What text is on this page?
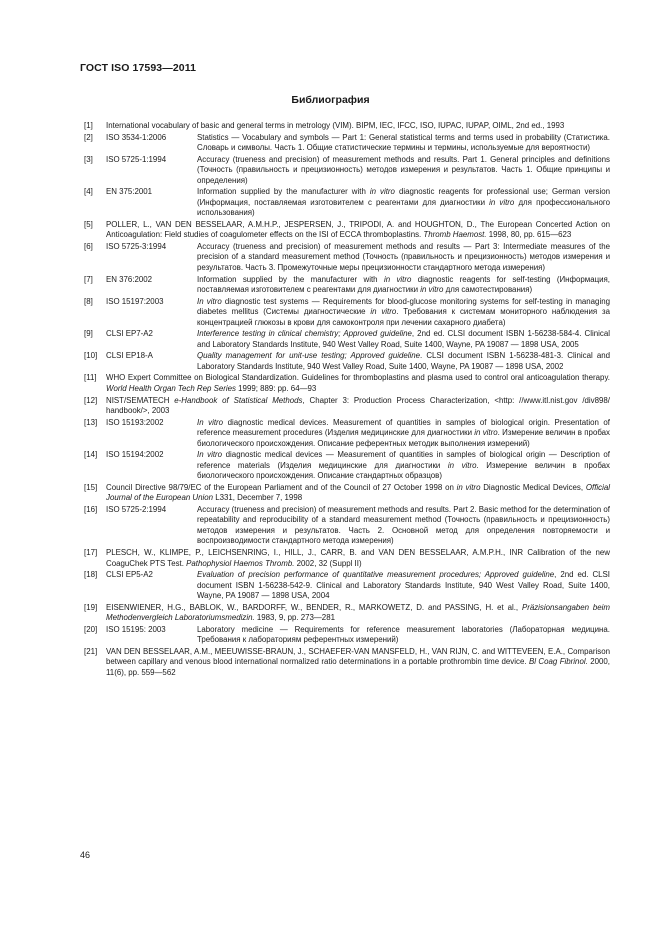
ГОСТ ISO 17593—2011
Библиография
[1]	International vocabulary of basic and general terms in metrology (VIM). BIPM, IEC, IFCC, ISO, IUPAC, IUPAP, OIML, 2nd ed., 1993
[2]	ISO 3534-1:2006	Statistics — Vocabulary and symbols — Part 1: General statistical terms and terms used in probability (Статистика. Словарь и символы. Часть 1. Общие статистические термины и термины, используемые для вероятности)
[3]	ISO 5725-1:1994	Accuracy (trueness and precision) of measurement methods and results. Part 1. General principles and definitions (Точность (правильность и прецизионность) методов измерения и результатов. Часть 1. Общие принципы и определения)
[4]	EN 375:2001	Information supplied by the manufacturer with in vitro diagnostic reagents for professional use; German version (Информация, поставляемая изготовителем с реагентами для диагностики in vitro для профессионального использования)
[5]	POLLER, L., VAN DEN BESSELAAR, A.M.H.P., JESPERSEN, J., TRIPODI, A. and HOUGHTON, D., The European Concerted Action on Anticoagulation: Field studies of coagulometer effects on the ISI of ECCA thromboplastins. Thromb Haemost. 1998, 80, pp. 615—623
[6]	ISO 5725-3:1994	Accuracy (trueness and precision) of measurement methods and results — Part 3: Intermediate measures of the precision of a standard measurement method (Точность (правильность и прецизионность) методов измерения и результатов. Часть 3. Промежуточные меры прецизионности стандартного метода измерения)
[7]	EN 376:2002	Information supplied by the manufacturer with in vitro diagnostic reagents for self-testing (Информация, поставляемая изготовителем с реагентами для диагностики in vitro для самотестирования)
[8]	ISO 15197:2003	In vitro diagnostic test systems — Requirements for blood-glucose monitoring systems for self-testing in managing diabetes mellitus (Системы диагностические in vitro. Требования к системам мониторного наблюдения за концентрацией глюкозы в крови для самоконтроля при лечении сахарного диабета)
[9]	CLSI EP7-A2	Interference testing in clinical chemistry; Approved guideline, 2nd ed. CLSI document ISBN 1-56238-584-4. Clinical and Laboratory Standards Institute, 940 West Valley Road, Suite 1400, Wayne, PA 19087 — 1898 USA, 2005
[10]	CLSI EP18-A	Quality management for unit-use testing; Approved guideline. CLSI document ISBN 1-56238-481-3. Clinical and Laboratory Standards Institute, 940 West Valley Road, Suite 1400, Wayne, PA 19087 — 1898 USA, 2002
[11]	WHO Expert Committee on Biological Standardization. Guidelines for thromboplastins and plasma used to control oral anticoagulation therapy. World Health Organ Tech Rep Series 1999; 889: pp. 64—93
[12]	NIST/SEMATECH e-Handbook of Statistical Methods, Chapter 3: Production Process Characterization, <http: //www.itl.nist.gov /div898/ handbook/>, 2003
[13]	ISO 15193:2002	In vitro diagnostic medical devices. Measurement of quantities in samples of biological origin. Presentation of reference measurement procedures (Изделия медицинские для диагностики in vitro. Измерение величин в пробах биологического происхождения. Описание референтных методик выполнения измерений)
[14]	ISO 15194:2002	In vitro diagnostic medical devices — Measurement of quantities in samples of biological origin — Description of reference materials (Изделия медицинские для диагностики in vitro. Измерение величин в пробах биологического происхождения. Описание стандартных образцов)
[15]	Council Directive 98/79/EC of the European Parliament and of the Council of 27 October 1998 on in vitro Diagnostic Medical Devices, Official Journal of the European Union L331, December 7, 1998
[16]	ISO 5725-2:1994	Accuracy (trueness and precision) of measurement methods and results. Part 2. Basic method for the determination of repeatability and reproducibility of a standard measurement method (Точность (правильность и прецизионность) методов измерения и результатов. Часть 2. Основной метод для определения повторяемости и воспроизводимости стандартного метода измерения)
[17]	PLESCH, W., KLIMPE, P., LEICHSENRING, I., HILL, J., CARR, B. and VAN DEN BESSELAAR, A.M.P.H., INR Calibration of the new CoaguChek PTS Test. Pathophysiol Haemos Thromb. 2002, 32 (Suppl II)
[18]	CLSI EP5-A2	Evaluation of precision performance of quantitative measurement procedures; Approved guideline, 2nd ed. CLSI document ISBN 1-56238-542-9. Clinical and Laboratory Standards Institute, 940 West Valley Road, Suite 1400, Wayne, PA 19087 — 1898 USA, 2004
[19]	EISENWIENER, H.G., BABLOK, W., BARDORFF, W., BENDER, R., MARKOWETZ, D. and PASSING, H. et al., Präzisionsangaben beim Methodenvergleich Laboratoriumsmedizin. 1983, 9, pp. 273—281
[20]	ISO 15195: 2003	Laboratory medicine — Requirements for reference measurement laboratories (Лабораторная медицина. Требования к лабораториям референтных измерений)
[21]	VAN DEN BESSELAAR, A.M., MEEUWISSE-BRAUN, J., SCHAEFER-VAN MANSFELD, H., VAN RIJN, C. and WITTEVEEN, E.A., Comparison between capillary and venous blood international normalized ratio determinations in a portable prothrombin time device. Bl Coag Fibrinol. 2000, 11(6), pp. 559—562
46
